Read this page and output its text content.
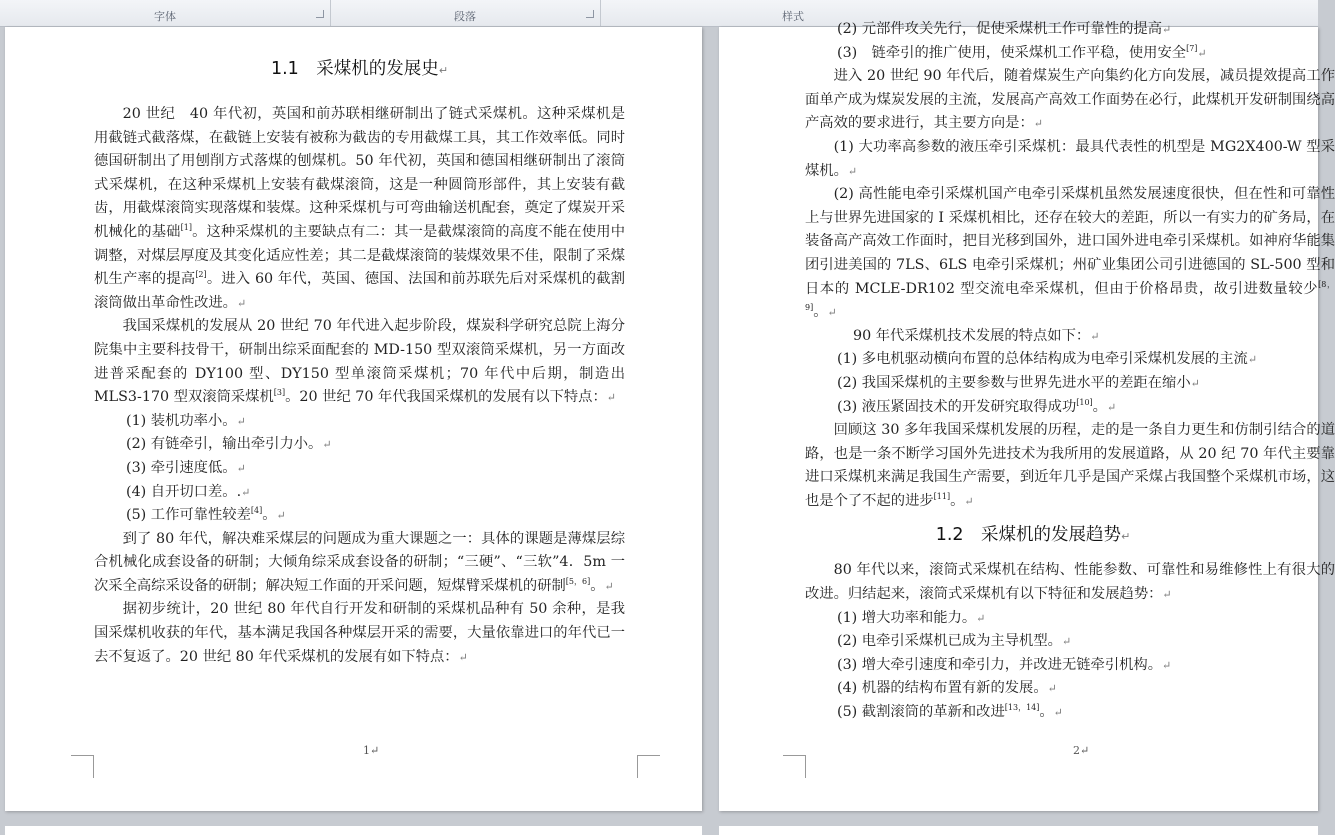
字体	段落	样式

1.1　采煤机的发展史↵

20 世纪　40 年代初，英国和前苏联相继研制出了链式采煤机。这种采煤机是用截链式截落煤，在截链上安装有被称为截齿的专用截煤工具，其工作效率低。同时德国研制出了用刨削方式落煤的刨煤机。50 年代初，英国和德国相继研制出了滚筒式采煤机，在这种采煤机上安装有截煤滚筒，这是一种圆筒形部件，其上安装有截齿，用截煤滚筒实现落煤和装煤。这种采煤机与可弯曲输送机配套，奠定了煤炭开采机械化的基础[1]。这种采煤机的主要缺点有二：其一是截煤滚筒的高度不能在使用中调整，对煤层厚度及其变化适应性差；其二是截煤滚筒的装煤效果不佳，限制了采煤机生产率的提高[2]。进入 60 年代，英国、德国、法国和前苏联先后对采煤机的截割滚筒做出革命性改进。↵

我国采煤机的发展从 20 世纪 70 年代进入起步阶段，煤炭科学研究总院上海分院集中主要科技骨干，研制出综采面配套的 MD-150 型双滚筒采煤机，另一方面改进普采配套的 DY100 型、DY150 型单滚筒采煤机；70 年代中后期，制造出 MLS3-170 型双滚筒采煤机[3]。20 世纪 70 年代我国采煤机的发展有以下特点：↵

(1) 装机功率小。↵

(2) 有链牵引，输出牵引力小。↵

(3) 牵引速度低。↵

(4) 自开切口差。.↵

(5) 工作可靠性较差[4]。↵

到了 80 年代，解决难采煤层的问题成为重大课题之一：具体的课题是薄煤层综合机械化成套设备的研制；大倾角综采成套设备的研制；“三硬”、“三软”4．5m 一次采全高综采设备的研制；解决短工作面的开采问题，短煤臂采煤机的研制[5，6]。↵

据初步统计，20 世纪 80 年代自行开发和研制的采煤机品种有 50 余种，是我国采煤机收获的年代，基本满足我国各种煤层开采的需要，大量依靠进口的年代已一去不复返了。20 世纪 80 年代采煤机的发展有如下特点：↵

1↵

(2) 元部件攻关先行，促使采煤机工作可靠性的提高↵

(3)　链牵引的推广使用，使采煤机工作平稳，使用安全[7]↵

进入 20 世纪 90 年代后，随着煤炭生产向集约化方向发展，减员提效提高工作面单产成为煤炭发展的主流，发展高产高效工作面势在必行，此煤机开发研制围绕高产高效的要求进行，其主要方向是：↵

(1) 大功率高参数的液压牵引采煤机：最具代表性的机型是 MG2X400-W 型采煤机。↵

(2) 高性能电牵引采煤机国产电牵引采煤机虽然发展速度很快，但在性和可靠性上与世界先进国家的 I 采煤机相比，还存在较大的差距，所以一有实力的矿务局，在装备高产高效工作面时，把目光移到国外，进口国外进电牵引采煤机。如神府华能集团引进美国的 7LS、6LS 电牵引采煤机；州矿业集团公司引进德国的 SL-500 型和日本的 MCLE-DR102 型交流电牵采煤机，但由于价格昂贵，故引进数量较少[8，9]。↵

90 年代采煤机技术发展的特点如下：↵

(1) 多电机驱动横向布置的总体结构成为电牵引采煤机发展的主流↵

(2) 我国采煤机的主要参数与世界先进水平的差距在缩小↵

(3) 液压紧固技术的开发研究取得成功[10]。↵

回顾这 30 多年我国采煤机发展的历程，走的是一条自力更生和仿制引结合的道路，也是一条不断学习国外先进技术为我所用的发展道路，从 20 纪 70 年代主要靠进口采煤机来满足我国生产需要，到近年几乎是国产采煤占我国整个采煤机市场，这也是个了不起的进步[11]。↵

1.2　采煤机的发展趋势↵

80 年代以来，滚筒式采煤机在结构、性能参数、可靠性和易维修性上有很大的改进。归结起来，滚筒式采煤机有以下特征和发展趋势：↵

(1) 增大功率和能力。↵

(2) 电牵引采煤机已成为主导机型。↵

(3) 增大牵引速度和牵引力，并改进无链牵引机构。↵

(4) 机器的结构布置有新的发展。↵

(5) 截割滚筒的革新和改进[13，14]。↵

2↵
